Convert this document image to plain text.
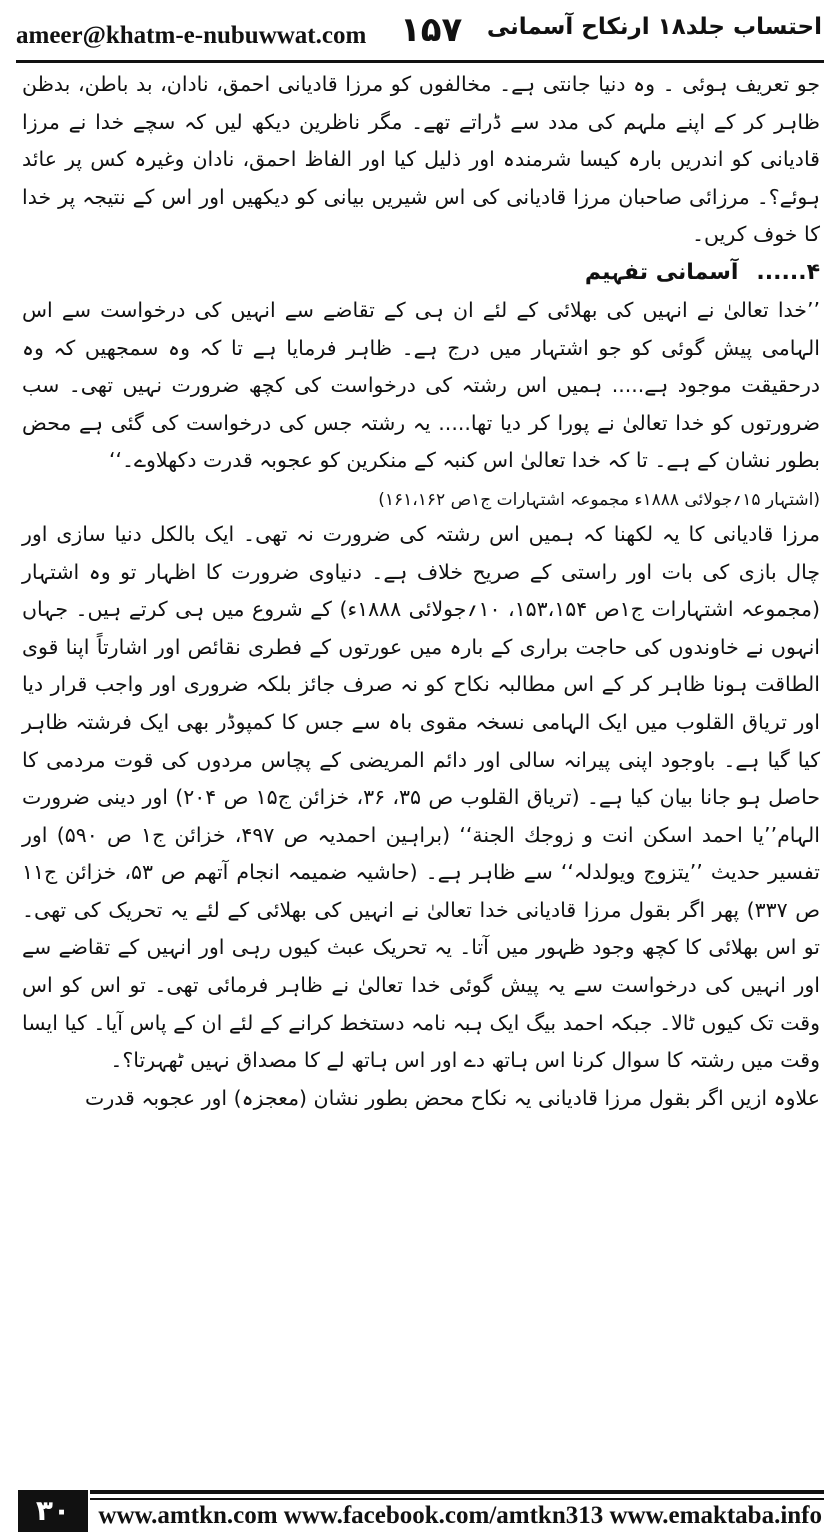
ameer@khatm-e-nubuwwat.com ۱۵۷ احتساب جلد۱۸ ارنکاح آسمانی

جو تعریف ہوئی ۔ وہ دنیا جانتی ہے۔ مخالفوں کو مرزا قادیانی احمق، نادان، بد باطن، بدظن ظاہر کر کے اپنے ملہم کی مدد سے ڈراتے تھے۔ مگر ناظرین دیکھ لیں کہ سچے خدا نے مرزا قادیانی کو اندریں بارہ کیسا شرمندہ اور ذلیل کیا اور الفاظ احمق، نادان وغیرہ کس پر عائد ہوئے؟۔ مرزائی صاحبان مرزا قادیانی کی اس شیریں بیانی کو دیکھیں اور اس کے نتیجہ پر خدا کا خوف کریں۔

۴......آسمانی تفہیم

’’خدا تعالیٰ نے انہیں کی بھلائی کے لئے ان ہی کے تقاضے سے انہیں کی درخواست سے اس الہامی پیش گوئی کو جو اشتہار میں درج ہے۔ ظاہر فرمایا ہے تا کہ وہ سمجھیں کہ وہ درحقیقت موجود ہے..... ہمیں اس رشتہ کی درخواست کی کچھ ضرورت نہیں تھی۔ سب ضرورتوں کو خدا تعالیٰ نے پورا کر دیا تھا..... یہ رشتہ جس کی درخواست کی گئی ہے محض بطور نشان کے ہے۔ تا کہ خدا تعالیٰ اس کنبہ کے منکرین کو عجوبہ قدرت دکھلاوے۔‘‘

(اشتہار ۱۵؍جولائی ۱۸۸۸ء مجموعہ اشتہارات ج۱ص ۱۶۱،۱۶۲)

مرزا قادیانی کا یہ لکھنا کہ ہمیں اس رشتہ کی ضرورت نہ تھی۔ ایک بالکل دنیا سازی اور چال بازی کی بات اور راستی کے صریح خلاف ہے۔ دنیاوی ضرورت کا اظہار تو وہ اشتہار (مجموعہ اشتہارات ج۱ص ۱۵۳،۱۵۴، ۱۰؍جولائی ۱۸۸۸ء) کے شروع میں ہی کرتے ہیں۔ جہاں انہوں نے خاوندوں کی حاجت براری کے بارہ میں عورتوں کے فطری نقائص اور اشارتاً اپنا قوی الطاقت ہونا ظاہر کر کے اس مطالبہ نکاح کو نہ صرف جائز بلکہ ضروری اور واجب قرار دیا اور تریاق القلوب میں ایک الہامی نسخہ مقوی باہ سے جس کا کمپوڈر بھی ایک فرشتہ ظاہر کیا گیا ہے۔ باوجود اپنی پیرانہ سالی اور دائم المریضی کے پچاس مردوں کی قوت مردمی کا حاصل ہو جانا بیان کیا ہے۔ (تریاق القلوب ص ۳۵، ۳۶، خزائن ج۱۵ ص ۲۰۴) اور دینی ضرورت الہام’’یا احمد اسکن انت و زوجك الجنة‘‘ (براہین احمدیہ ص ۴۹۷، خزائن ج۱ ص ۵۹۰) اور تفسیر حدیث ’’یتزوج ویولدلہ‘‘ سے ظاہر ہے۔ (حاشیہ ضمیمہ انجام آتھم ص ۵۳، خزائن ج۱۱ ص ۳۳۷) پھر اگر بقول مرزا قادیانی خدا تعالیٰ نے انہیں کی بھلائی کے لئے یہ تحریک کی تھی۔ تو اس بھلائی کا کچھ وجود ظہور میں آتا۔ یہ تحریک عبث کیوں رہی اور انہیں کے تقاضے سے اور انہیں کی درخواست سے یہ پیش گوئی خدا تعالیٰ نے ظاہر فرمائی تھی۔ تو اس کو اس وقت تک کیوں ٹالا۔ جبکہ احمد بیگ ایک ہبہ نامہ دستخط کرانے کے لئے ان کے پاس آیا۔ کیا ایسا وقت میں رشتہ کا سوال کرنا اس ہاتھ دے اور اس ہاتھ لے کا مصداق نہیں ٹھہرتا؟۔

علاوہ ازیں اگر بقول مرزا قادیانی یہ نکاح محض بطور نشان (معجزہ) اور عجوبہ قدرت

۳۰	www.amtkn.com www.facebook.com/amtkn313 www.emaktaba.info
